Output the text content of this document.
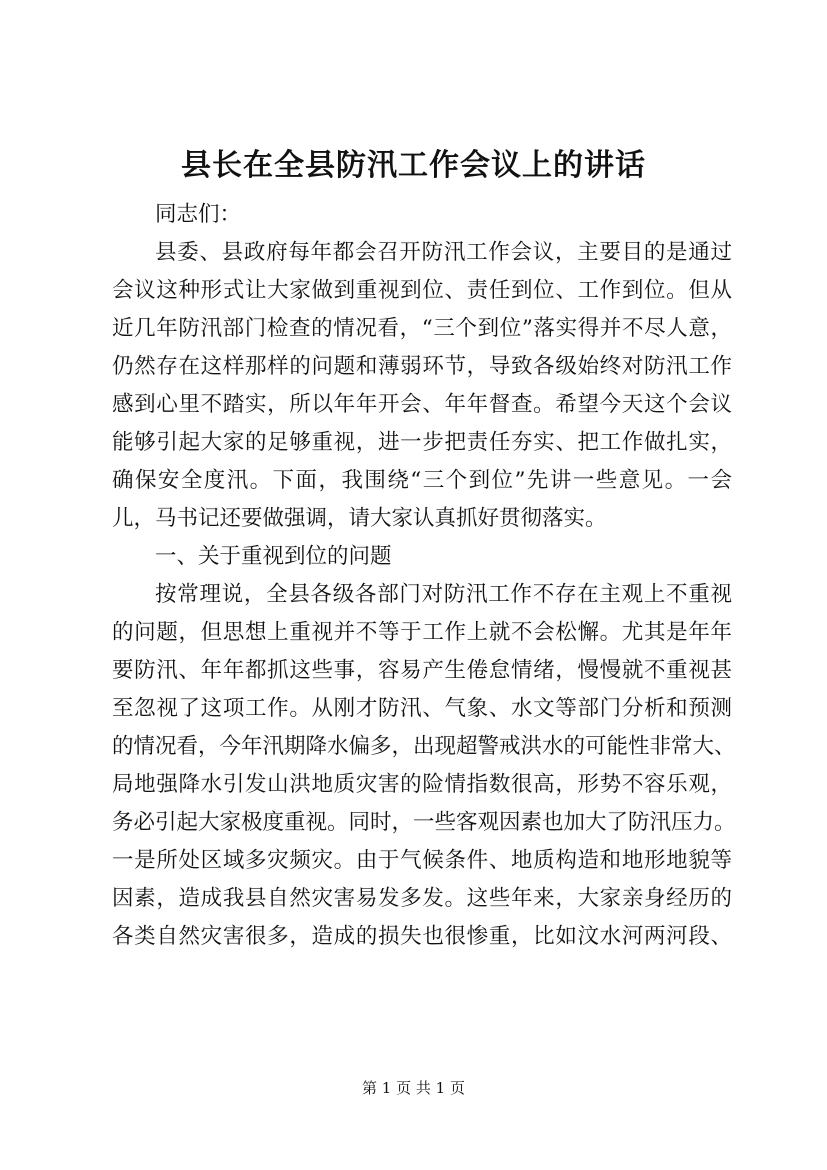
县长在全县防汛工作会议上的讲话
同志们：
县委、县政府每年都会召开防汛工作会议，主要目的是通过
会议这种形式让大家做到重视到位、责任到位、工作到位。但从
近几年防汛部门检查的情况看，“三个到位”落实得并不尽人意，
仍然存在这样那样的问题和薄弱环节，导致各级始终对防汛工作
感到心里不踏实，所以年年开会、年年督查。希望今天这个会议
能够引起大家的足够重视，进一步把责任夯实、把工作做扎实，
确保安全度汛。下面，我围绕“三个到位”先讲一些意见。一会
儿，马书记还要做强调，请大家认真抓好贯彻落实。
一、关于重视到位的问题
按常理说，全县各级各部门对防汛工作不存在主观上不重视
的问题，但思想上重视并不等于工作上就不会松懈。尤其是年年
要防汛、年年都抓这些事，容易产生倦怠情绪，慢慢就不重视甚
至忽视了这项工作。从刚才防汛、气象、水文等部门分析和预测
的情况看，今年汛期降水偏多，出现超警戒洪水的可能性非常大、
局地强降水引发山洪地质灾害的险情指数很高，形势不容乐观，
务必引起大家极度重视。同时，一些客观因素也加大了防汛压力。
一是所处区域多灾频灾。由于气候条件、地质构造和地形地貌等
因素，造成我县自然灾害易发多发。这些年来，大家亲身经历的
各类自然灾害很多，造成的损失也很惨重，比如汶水河两河段、
第 1 页 共 1 页
